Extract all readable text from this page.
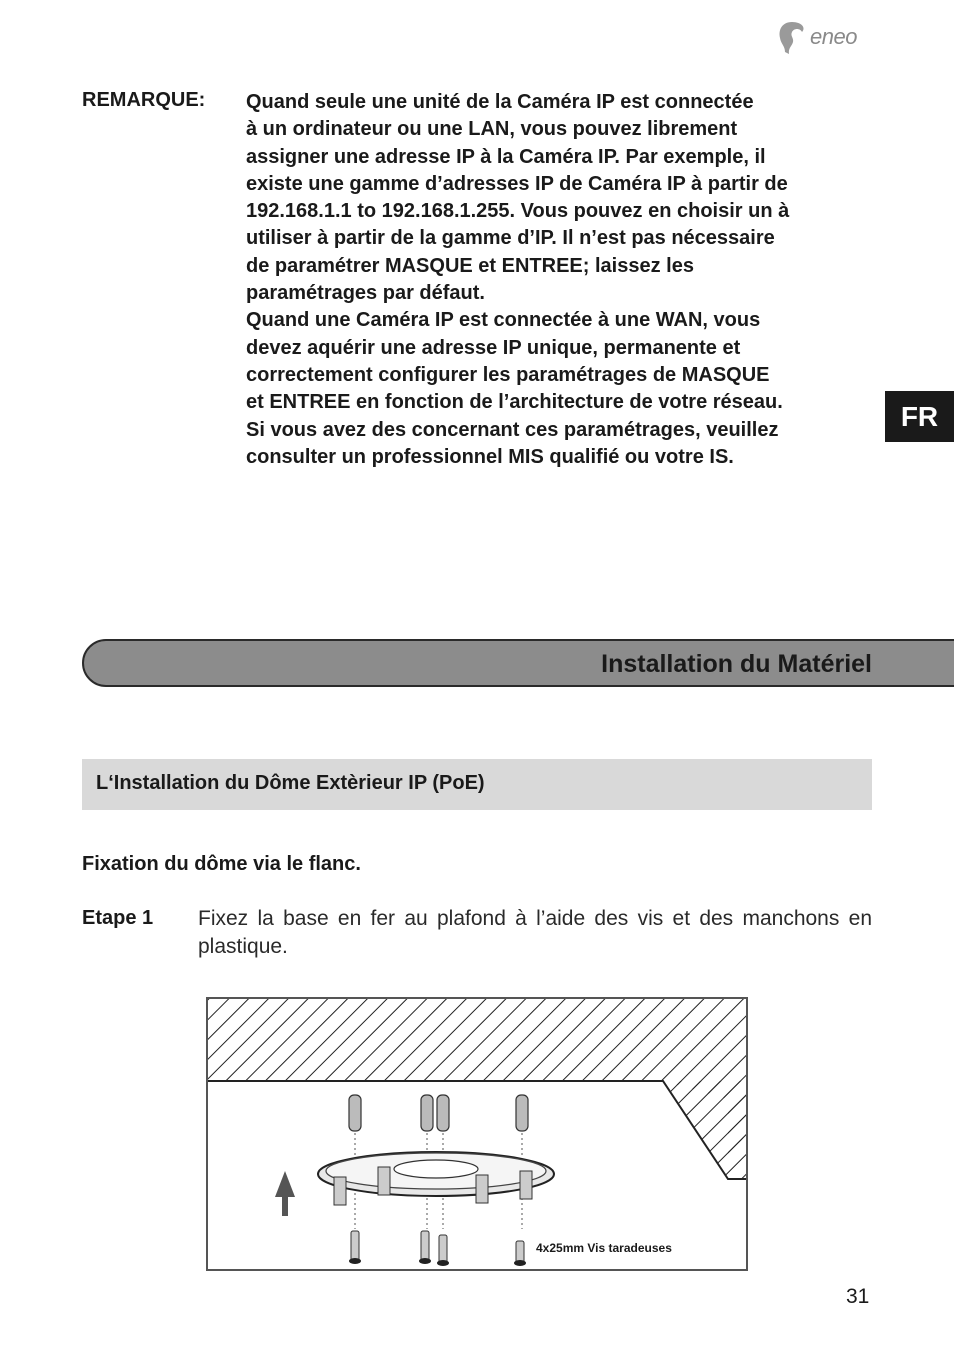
eneo
REMARQUE: Quand seule une unité de la Caméra IP est connectée

à un ordinateur ou une LAN, vous pouvez librement

assigner une adresse IP à la Caméra IP. Par exemple, il

existe une gamme d’adresses IP de Caméra IP à partir de

192.168.1.1 to 192.168.1.255. Vous pouvez en choisir un à

utiliser à partir de la gamme d’IP. Il n’est pas nécessaire

de paramétrer MASQUE et ENTREE; laissez les

paramétrages par défaut.

Quand une Caméra IP est connectée à une WAN, vous

devez aquérir une adresse IP unique, permanente et

correctement configurer les paramétrages de MASQUE

et ENTREE en fonction de l’architecture de votre réseau.

Si vous avez des concernant ces paramétrages, veuillez

consulter un professionnel MIS qualifié ou votre IS.

FR
Installation du Matériel
L‘Installation du Dôme Extèrieur IP (PoE)
Fixation du dôme via le flanc.
Etape 1 Fixez la base en fer au plafond à l’aide des vis et des manchons en plastique.
4x25mm Vis taradeuses
31
